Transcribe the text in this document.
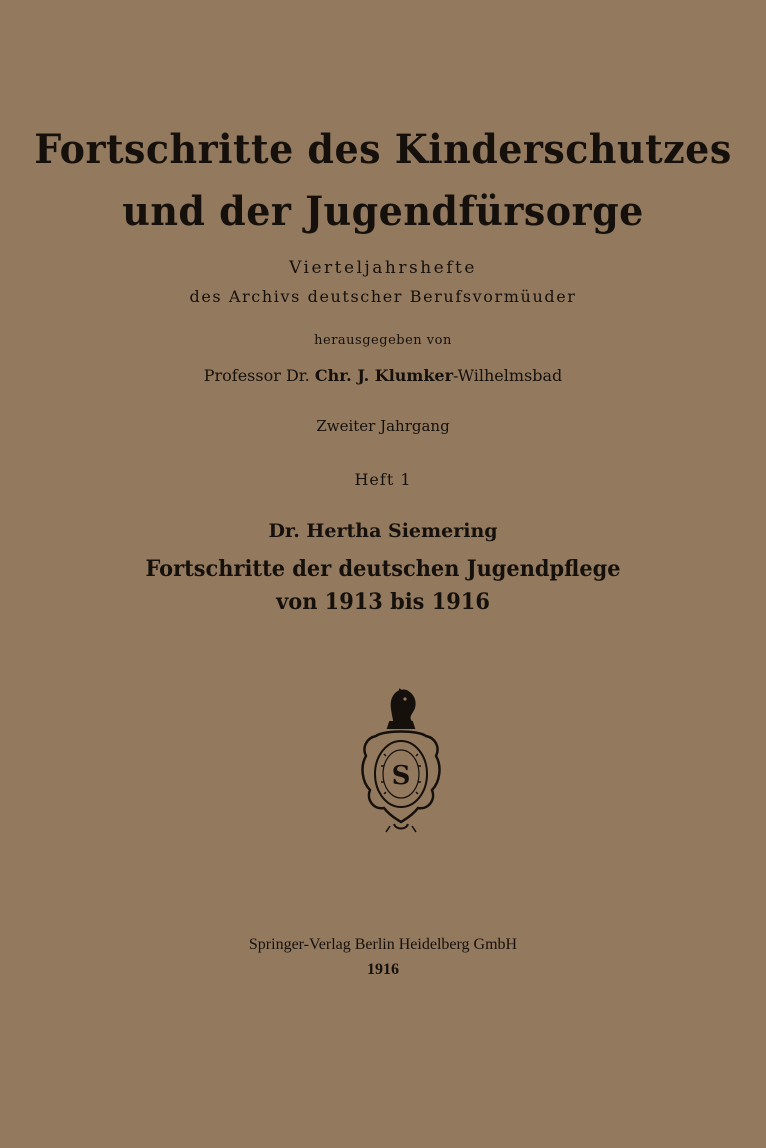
Fortschritte des Kinderschutzes
und der Jugendfürsorge
Vierteljahrshefte
des Archivs deutscher Berufsvormüuder
herausgegeben von
Professor Dr. Chr. J. Klumker-Wilhelmsbad
Zweiter Jahrgang
Heft 1
Dr. Hertha Siemering
Fortschritte der deutschen Jugendpflege
von 1913 bis 1916
S
Springer-Verlag Berlin Heidelberg GmbH
1916
